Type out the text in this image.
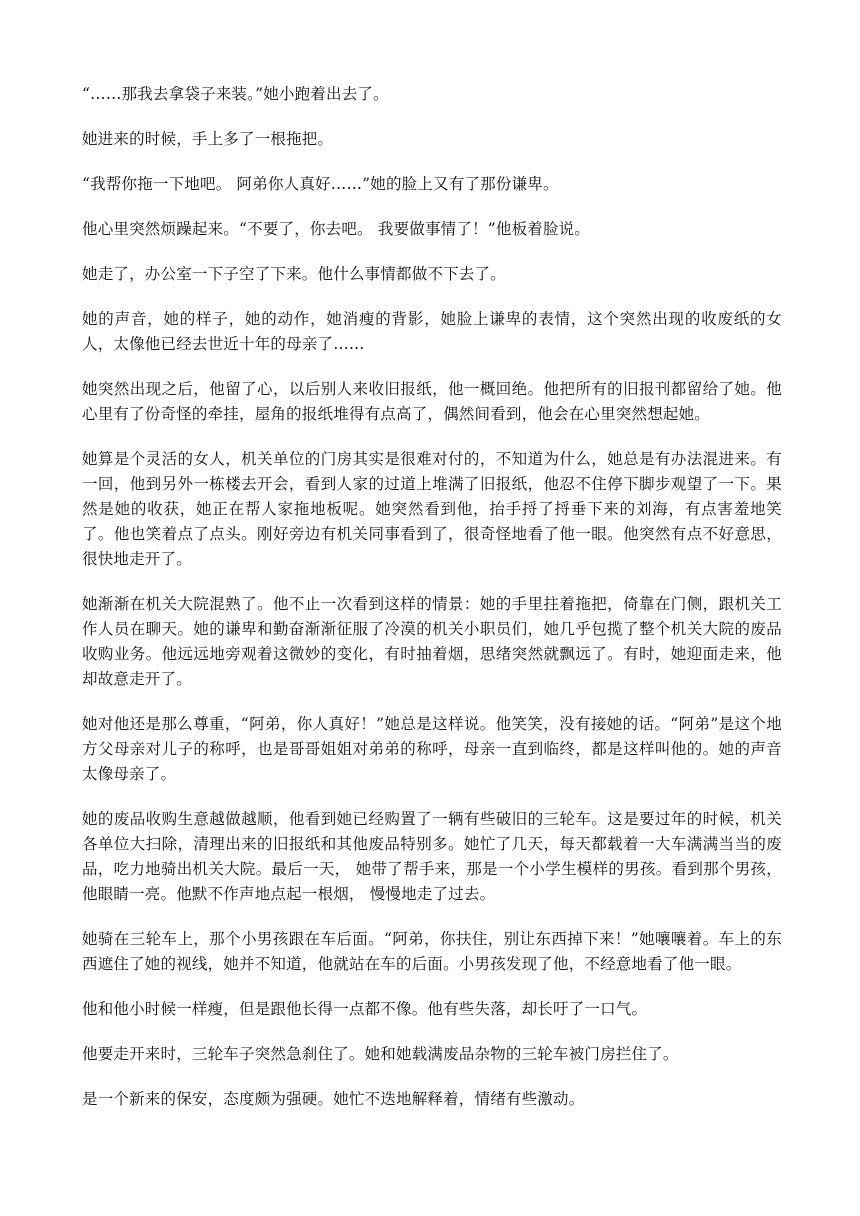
“……那我去拿袋子来装。”她小跑着出去了。

她进来的时候，手上多了一根拖把。

“我帮你拖一下地吧。 阿弟你人真好……”她的脸上又有了那份谦卑。

他心里突然烦躁起来。“不要了，你去吧。 我要做事情了！”他板着脸说。

她走了，办公室一下子空了下来。他什么事情都做不下去了。

她的声音，她的样子，她的动作，她消瘦的背影，她脸上谦卑的表情，这个突然出现的收废纸的女人，太像他已经去世近十年的母亲了……

她突然出现之后，他留了心，以后别人来收旧报纸，他一概回绝。他把所有的旧报刊都留给了她。他心里有了份奇怪的牵挂，屋角的报纸堆得有点高了，偶然间看到，他会在心里突然想起她。

她算是个灵活的女人，机关单位的门房其实是很难对付的，不知道为什么，她总是有办法混进来。有一回，他到另外一栋楼去开会，看到人家的过道上堆满了旧报纸，他忍不住停下脚步观望了一下。果然是她的收获，她正在帮人家拖地板呢。她突然看到他，抬手捋了捋垂下来的刘海，有点害羞地笑了。他也笑着点了点头。刚好旁边有机关同事看到了，很奇怪地看了他一眼。他突然有点不好意思，很快地走开了。

她渐渐在机关大院混熟了。他不止一次看到这样的情景：她的手里拄着拖把，倚靠在门侧，跟机关工作人员在聊天。她的谦卑和勤奋渐渐征服了冷漠的机关小职员们，她几乎包揽了整个机关大院的废品收购业务。他远远地旁观着这微妙的变化，有时抽着烟，思绪突然就飘远了。有时，她迎面走来，他却故意走开了。

她对他还是那么尊重，“阿弟，你人真好！”她总是这样说。他笑笑，没有接她的话。“阿弟”是这个地方父母亲对儿子的称呼，也是哥哥姐姐对弟弟的称呼，母亲一直到临终，都是这样叫他的。她的声音太像母亲了。

她的废品收购生意越做越顺，他看到她已经购置了一辆有些破旧的三轮车。这是要过年的时候，机关各单位大扫除，清理出来的旧报纸和其他废品特别多。她忙了几天，每天都载着一大车满满当当的废品，吃力地骑出机关大院。最后一天， 她带了帮手来，那是一个小学生模样的男孩。看到那个男孩，他眼睛一亮。他默不作声地点起一根烟， 慢慢地走了过去。

她骑在三轮车上，那个小男孩跟在车后面。“阿弟，你扶住，别让东西掉下来！”她嚷嚷着。车上的东西遮住了她的视线，她并不知道，他就站在车的后面。小男孩发现了他，不经意地看了他一眼。

他和他小时候一样瘦，但是跟他长得一点都不像。他有些失落，却长吁了一口气。

他要走开来时，三轮车子突然急刹住了。她和她载满废品杂物的三轮车被门房拦住了。

是一个新来的保安，态度颇为强硬。她忙不迭地解释着，情绪有些激动。
